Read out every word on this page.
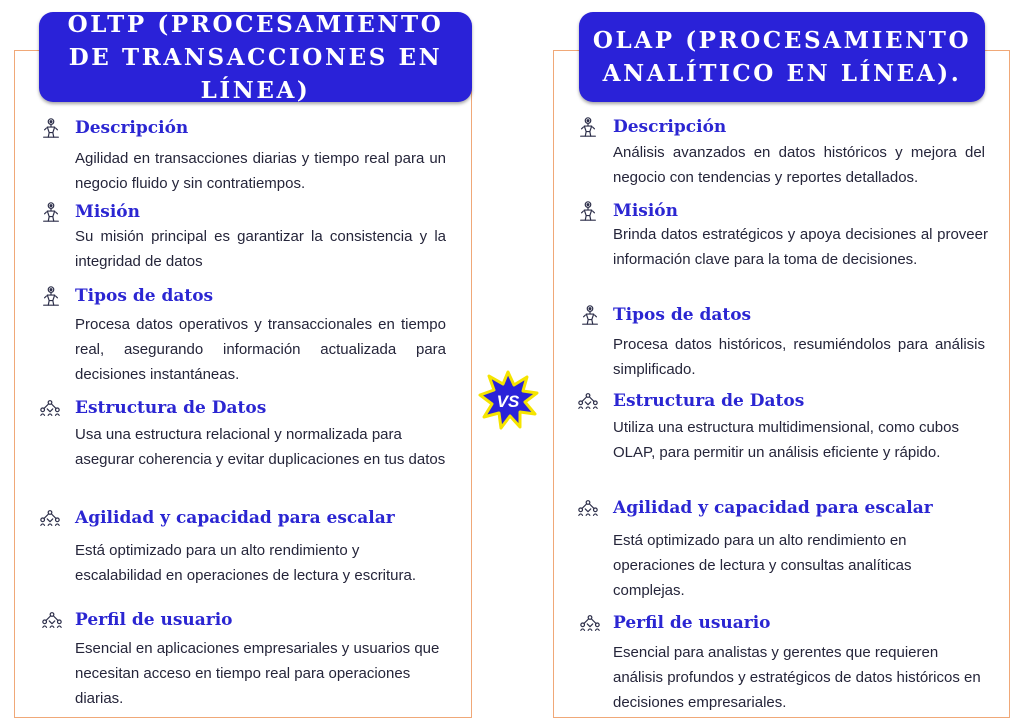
OLTP (PROCESAMIENTO DE TRANSACCIONES EN LÍNEA)
OLAP (PROCESAMIENTO ANALÍTICO EN LÍNEA).
Descripción
Agilidad en transacciones diarias y tiempo real para un negocio fluido y sin contratiempos.
Misión
Su misión principal es garantizar la consistencia y la integridad de datos
Tipos de datos
Procesa datos operativos y transaccionales en tiempo real, asegurando información actualizada para decisiones instantáneas.
Estructura de Datos
Usa una estructura relacional y normalizada para asegurar coherencia y evitar duplicaciones en tus datos
Agilidad y capacidad para escalar
Está optimizado para un alto rendimiento y escalabilidad en operaciones de lectura y escritura.
Perfil de usuario
Esencial en aplicaciones empresariales y usuarios que necesitan acceso en tiempo real para operaciones diarias.
Descripción
Análisis avanzados en datos históricos y mejora del negocio con tendencias y reportes detallados.
Misión
Brinda datos estratégicos y apoya decisiones al proveer información clave para la toma de decisiones.
Tipos de datos
Procesa datos históricos, resumiéndolos para análisis simplificado.
Estructura de Datos
Utiliza una estructura multidimensional, como cubos OLAP, para permitir un análisis eficiente y rápido.
Agilidad y capacidad para escalar
Está optimizado para un alto rendimiento en operaciones de lectura y consultas analíticas complejas.
Perfil de usuario
Esencial para analistas y gerentes que requieren análisis profundos y estratégicos de datos históricos en decisiones empresariales.
VS
